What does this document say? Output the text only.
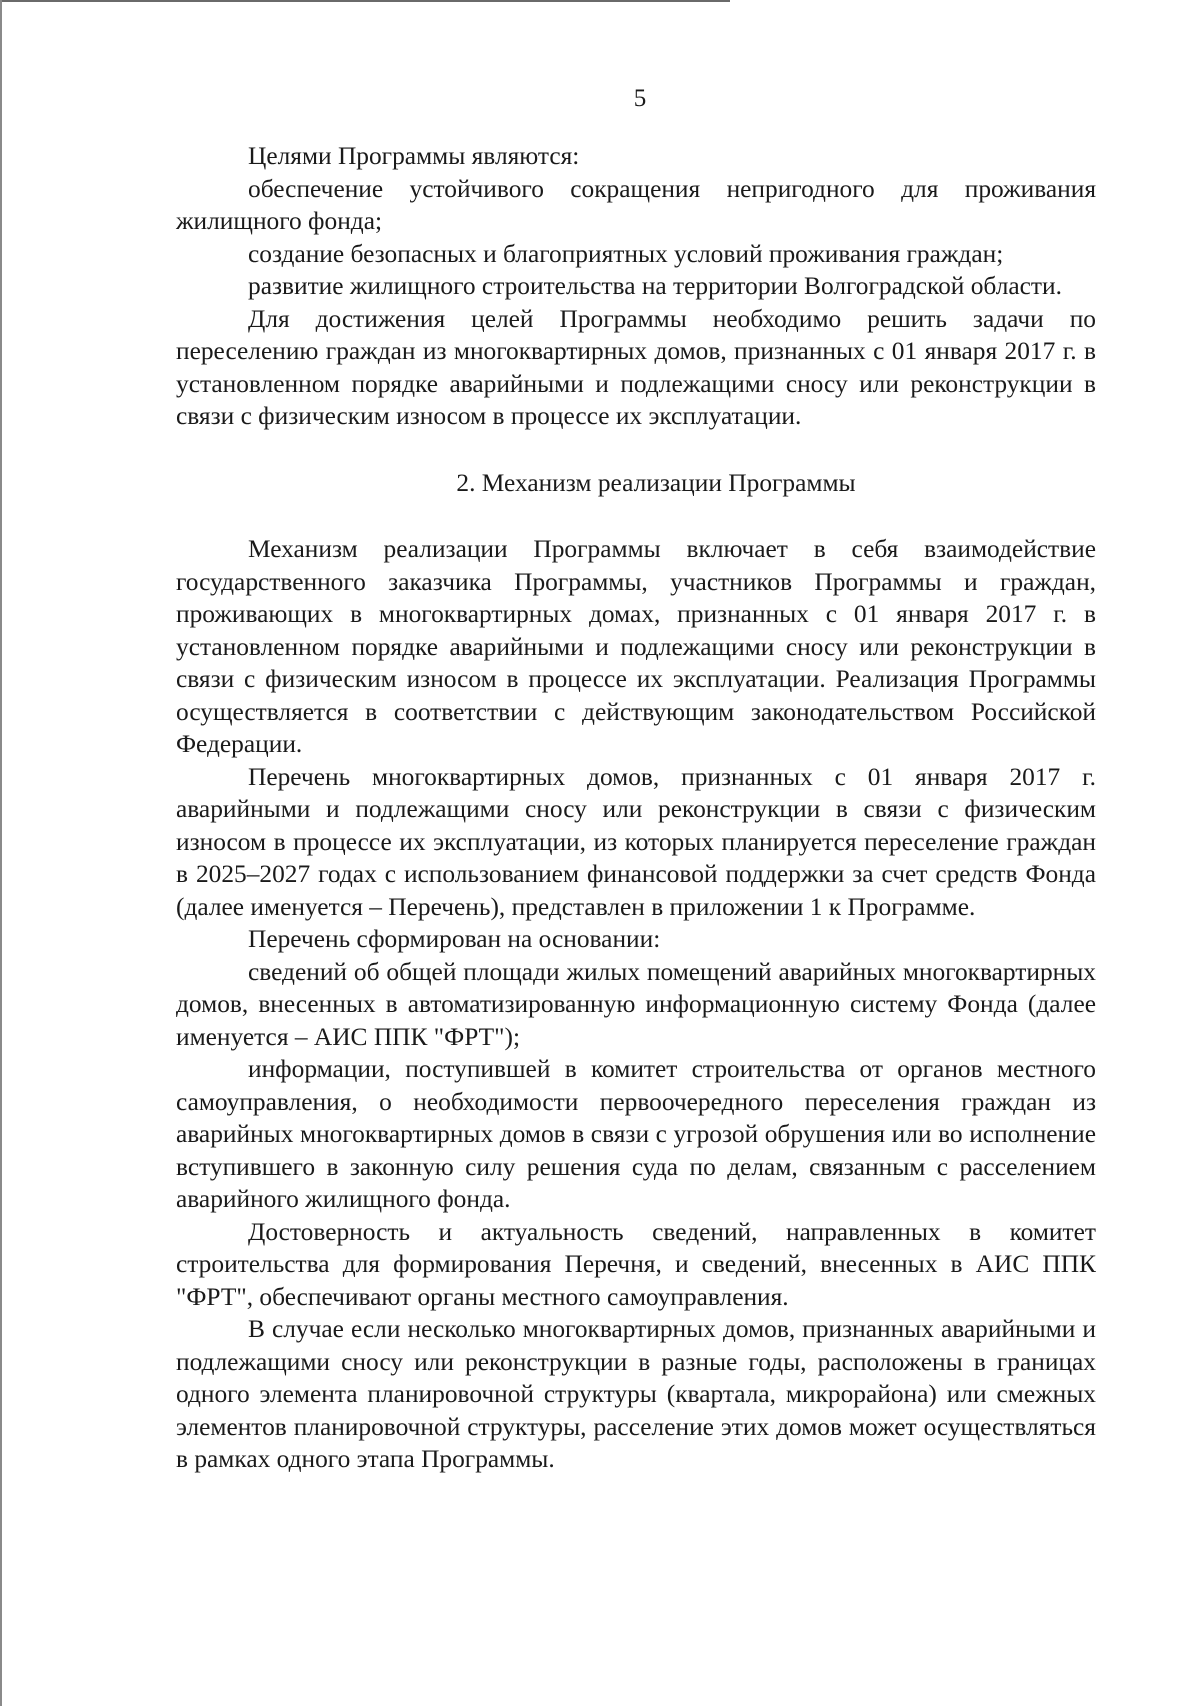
5

Целями Программы являются:

обеспечение устойчивого сокращения непригодного для проживания жилищного фонда;

создание безопасных и благоприятных условий проживания граждан;

развитие жилищного строительства на территории Волгоградской области.

Для достижения целей Программы необходимо решить задачи по переселению граждан из многоквартирных домов, признанных с 01 января 2017 г. в установленном порядке аварийными и подлежащими сносу или реконструкции в связи с физическим износом в процессе их эксплуатации.

2. Механизм реализации Программы

Механизм реализации Программы включает в себя взаимодействие государственного заказчика Программы, участников Программы и граждан, проживающих в многоквартирных домах, признанных с 01 января 2017 г. в установленном порядке аварийными и подлежащими сносу или реконструкции в связи с физическим износом в процессе их эксплуатации. Реализация Программы осуществляется в соответствии с действующим законодательством Российской Федерации.

Перечень многоквартирных домов, признанных с 01 января 2017 г. аварийными и подлежащими сносу или реконструкции в связи с физическим износом в процессе их эксплуатации, из которых планируется переселение граждан в 2025–2027 годах с использованием финансовой поддержки за счет средств Фонда (далее именуется – Перечень), представлен в приложении 1 к Программе.

Перечень сформирован на основании:

сведений об общей площади жилых помещений аварийных многоквартирных домов, внесенных в автоматизированную информационную систему Фонда (далее именуется – АИС ППК "ФРТ");

информации, поступившей в комитет строительства от органов местного самоуправления, о необходимости первоочередного переселения граждан из аварийных многоквартирных домов в связи с угрозой обрушения или во исполнение вступившего в законную силу решения суда по делам, связанным с расселением аварийного жилищного фонда.

Достоверность и актуальность сведений, направленных в комитет строительства для формирования Перечня, и сведений, внесенных в АИС ППК "ФРТ", обеспечивают органы местного самоуправления.

В случае если несколько многоквартирных домов, признанных аварийными и подлежащими сносу или реконструкции в разные годы, расположены в границах одного элемента планировочной структуры (квартала, микрорайона) или смежных элементов планировочной структуры, расселение этих домов может осуществляться в рамках одного этапа Программы.
